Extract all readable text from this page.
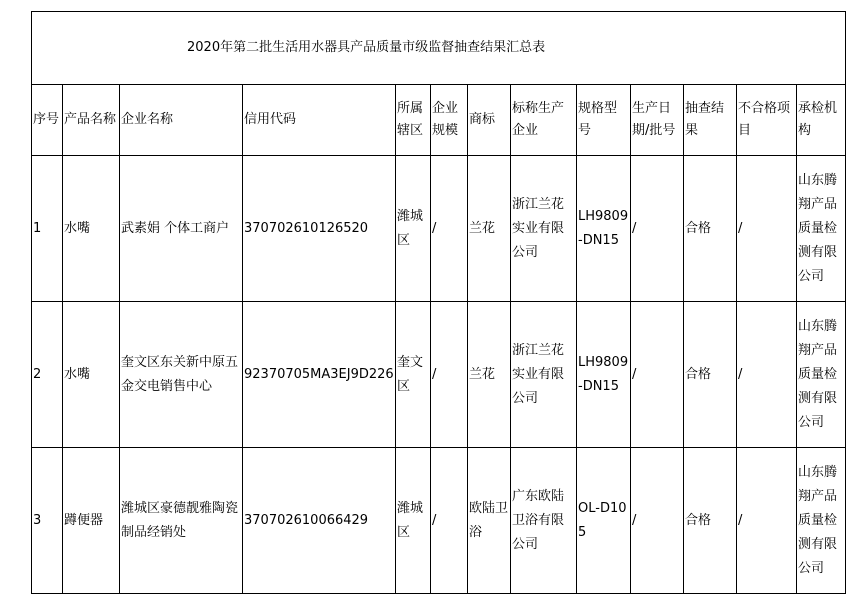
2020年第二批生活用水器具产品质量市级监督抽查结果汇总表												
序号	产品名称	企业名称	信用代码	所属辖区	企业规模	商标	标称生产企业	规格型号	生产日期/批号	抽查结果	不合格项目	承检机构
1	水嘴	武素娟 个体工商户	370702610126520	潍城区	/	兰花	浙江兰花实业有限公司	LH9809-DN15	/	合格	/	山东腾翔产品质量检测有限公司
2	水嘴	奎文区东关新中原五金交电销售中心	92370705MA3EJ9D226	奎文区	/	兰花	浙江兰花实业有限公司	LH9809-DN15	/	合格	/	山东腾翔产品质量检测有限公司
3	蹲便器	潍城区豪德靓雅陶瓷制品经销处	370702610066429	潍城区	/	欧陆卫浴	广东欧陆卫浴有限公司	OL-D105	/	合格	/	山东腾翔产品质量检测有限公司
